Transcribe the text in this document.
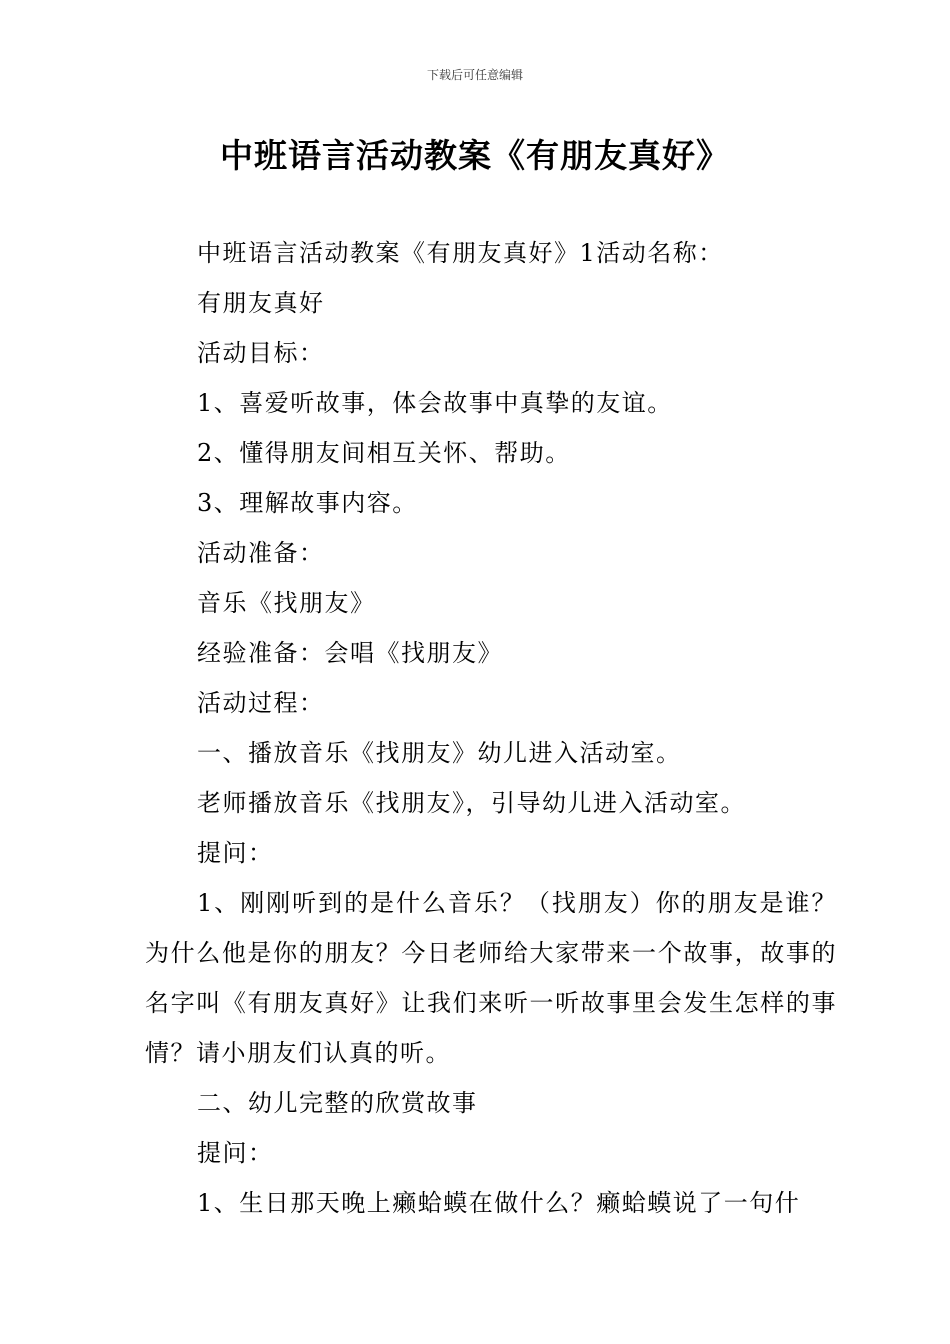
下载后可任意编辑
中班语言活动教案《有朋友真好》

中班语言活动教案《有朋友真好》1活动名称：

有朋友真好

活动目标：

1、喜爱听故事，体会故事中真挚的友谊。

2、懂得朋友间相互关怀、帮助。

3、理解故事内容。

活动准备：

音乐《找朋友》

经验准备：会唱《找朋友》

活动过程：

一、播放音乐《找朋友》幼儿进入活动室。

老师播放音乐《找朋友》，引导幼儿进入活动室。

提问：

1、刚刚听到的是什么音乐？（找朋友）你的朋友是谁？为什么他是你的朋友？今日老师给大家带来一个故事，故事的名字叫《有朋友真好》让我们来听一听故事里会发生怎样的事情？请小朋友们认真的听。

二、幼儿完整的欣赏故事

提问：

1、生日那天晚上癞蛤蟆在做什么？癞蛤蟆说了一句什
